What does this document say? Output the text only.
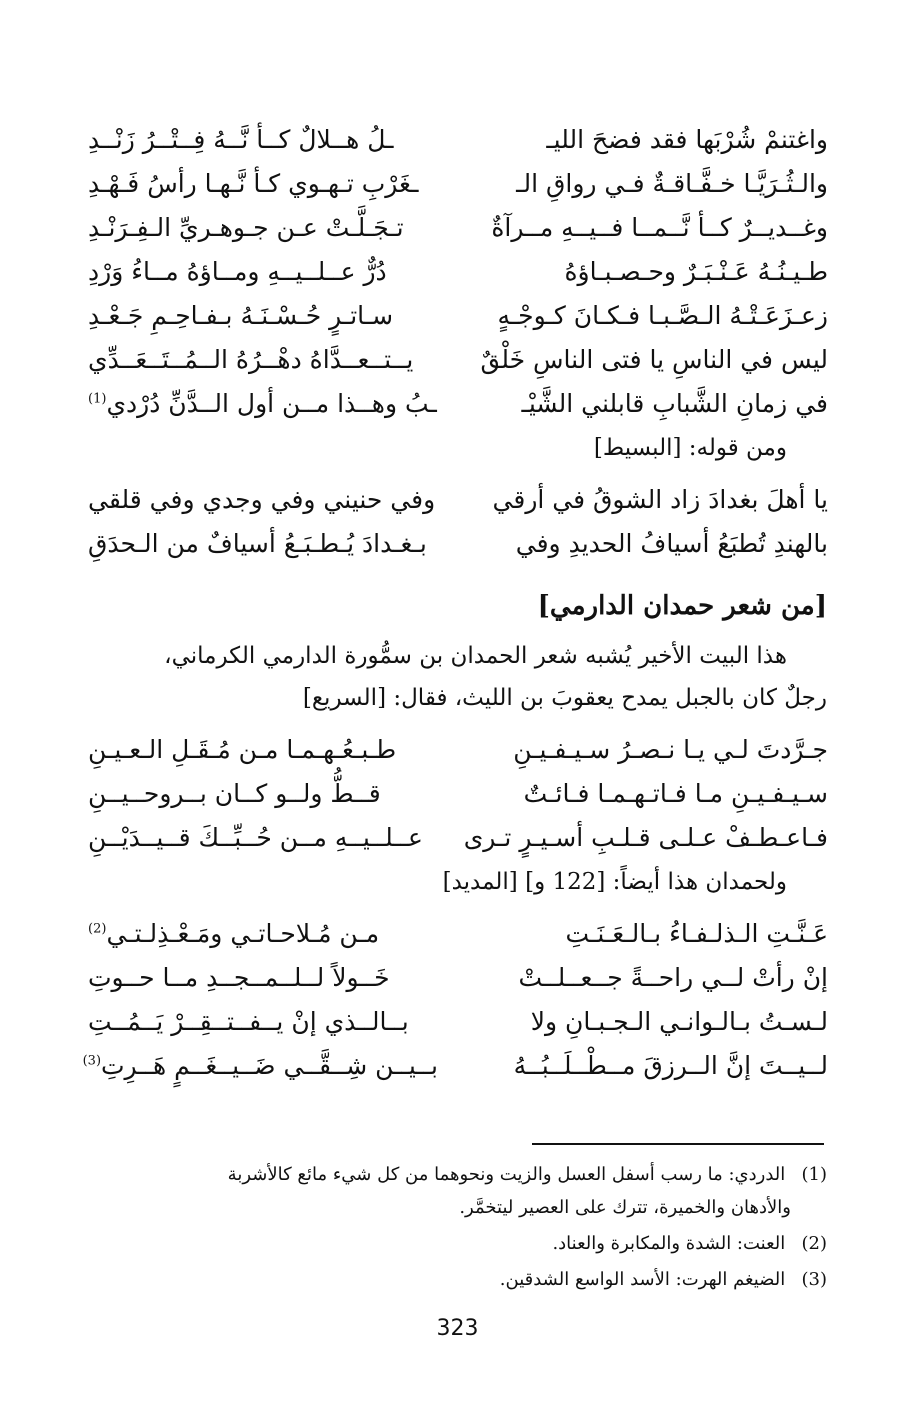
واغتنمْ شُرْبَها فقد فضحَ الليـ
ـلُ هــلالٌ كــأ نَّــهُ فِــتْــرُ زَنْــدِ
والـثُـرَيَّـا خـفَّـاقـةٌ فـي رواقِ الـ
ـغَرْبِ تـهـوي كـأ نَّـهـا رأسُ فَـهْـدِ
وغــديــرٌ كــأ نَّــمــا فــيــهِ مــرآةٌ
تـجَـلَّـتْ عـن جـوهـريِّ الـفِـرَنْـدِ
طـيـنُـهُ عَـنْـبَـرٌ وحـصـبـاؤهُ
دُرٌّ عــلــيــهِ ومــاؤهُ مــاءُ وَرْدِ
زعـزَعَـتْـهُ الـصَّـبـا فـكـانَ كـوجْـهٍ
سـاتـرٍ حُـسْـنَـهُ بـفـاحِـمِ جَـعْـدِ
ليس في الناسِ يا فتى الناسِ خَلْقٌ
يــتــعــدَّاهُ دهْــرُهُ الــمُــتَــعَــدِّي
في زمانِ الشَّبابِ قابلني الشَّيْـ
ـبُ وهــذا مــن أول الــدَّنِّ دُرْدي$^{(1)}$
ومن قوله: [البسيط]
يا أهلَ بغدادَ زاد الشوقُ في أرقي
وفي حنيني وفي وجدي وفي قلقي
بالهندِ تُطبَعُ أسيافُ الحديدِ وفي
بـغـدادَ يُـطـبَـعُ أسيافٌ من الـحدَقِ
[من شعر حمدان الدارمي]
هذا البيت الأخير يُشبه شعر الحمدان بن سمُّورة الدارمي الكرماني،
رجلٌ كان بالجبل يمدح يعقوبَ بن الليث، فقال: [السريع]
جـرَّدتَ لـي يـا نـصـرُ سـيـفـيـنِ
طـبـعُـهـمـا مـن مُـقَـلِ الـعـيـنِ
سـيـفـيـنِ مـا فـاتـهـمـا فـائـتٌ
قــطُّ ولــو كــان بــروحــيــنِ
فـاعـطـفْ عـلـى قـلـبِ أسـيـرٍ تـرى
عــلــيــهِ مــن حُــبِّــكَ قــيــدَيْــنِ
ولحمدان هذا أيضاً: [122 و] [المديد]
عَـنَّـتِ الـذلـفـاءُ بـالـعَـنَـتِ
مـن مُـلاحـاتـي ومَـعْـذِلـتـي$^{(2)}$
إنْ رأتْ لــي راحــةً جــعــلــتْ
خَــولاً لــلــمــجــدِ مــا حــوتِ
لـسـتُ بـالـوانـي الـجـبـانِ ولا
بــالــذي إنْ يــفــتــقِــرْ يَــمُــتِ
لــيــتَ إنَّ الــرزقَ مــطْــلَــبُــهُ
بــيــن شِــقَّــي ضَــيــغَــمٍ هَــرِتِ$^{(3)}$
(1) الدردي: ما رسب أسفل العسل والزيت ونحوهما من كل شيء مائع كالأشربة
والأدهان والخميرة، تترك على العصير ليتخمَّر.
(2) العنت: الشدة والمكابرة والعناد.
(3) الضيغم الهرت: الأسد الواسع الشدقين.
323
